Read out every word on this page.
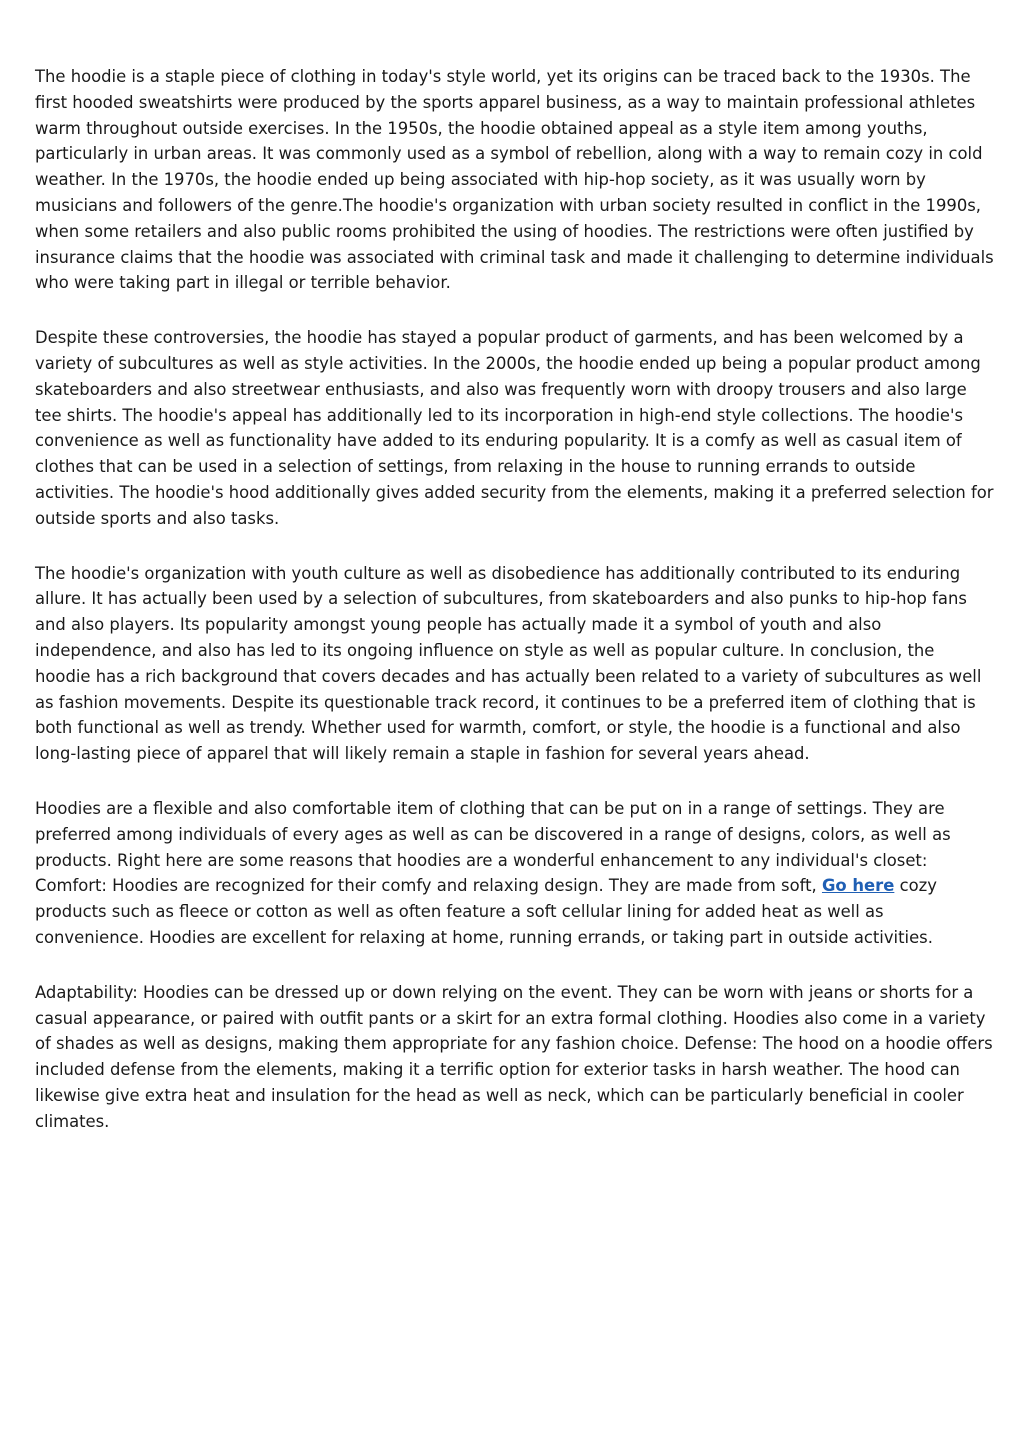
The hoodie is a staple piece of clothing in today's style world, yet its origins can be traced back to the 1930s. The first hooded sweatshirts were produced by the sports apparel business, as a way to maintain professional athletes warm throughout outside exercises. In the 1950s, the hoodie obtained appeal as a style item among youths, particularly in urban areas. It was commonly used as a symbol of rebellion, along with a way to remain cozy in cold weather. In the 1970s, the hoodie ended up being associated with hip-hop society, as it was usually worn by musicians and followers of the genre.The hoodie's organization with urban society resulted in conflict in the 1990s, when some retailers and also public rooms prohibited the using of hoodies. The restrictions were often justified by insurance claims that the hoodie was associated with criminal task and made it challenging to determine individuals who were taking part in illegal or terrible behavior.

Despite these controversies, the hoodie has stayed a popular product of garments, and has been welcomed by a variety of subcultures as well as style activities. In the 2000s, the hoodie ended up being a popular product among skateboarders and also streetwear enthusiasts, and also was frequently worn with droopy trousers and also large tee shirts. The hoodie's appeal has additionally led to its incorporation in high-end style collections. The hoodie's convenience as well as functionality have added to its enduring popularity. It is a comfy as well as casual item of clothes that can be used in a selection of settings, from relaxing in the house to running errands to outside activities. The hoodie's hood additionally gives added security from the elements, making it a preferred selection for outside sports and also tasks.

The hoodie's organization with youth culture as well as disobedience has additionally contributed to its enduring allure. It has actually been used by a selection of subcultures, from skateboarders and also punks to hip-hop fans and also players. Its popularity amongst young people has actually made it a symbol of youth and also independence, and also has led to its ongoing influence on style as well as popular culture. In conclusion, the hoodie has a rich background that covers decades and has actually been related to a variety of subcultures as well as fashion movements. Despite its questionable track record, it continues to be a preferred item of clothing that is both functional as well as trendy. Whether used for warmth, comfort, or style, the hoodie is a functional and also long-lasting piece of apparel that will likely remain a staple in fashion for several years ahead.

Hoodies are a flexible and also comfortable item of clothing that can be put on in a range of settings. They are preferred among individuals of every ages as well as can be discovered in a range of designs, colors, as well as products. Right here are some reasons that hoodies are a wonderful enhancement to any individual's closet: Comfort: Hoodies are recognized for their comfy and relaxing design. They are made from soft, Go here cozy products such as fleece or cotton as well as often feature a soft cellular lining for added heat as well as convenience. Hoodies are excellent for relaxing at home, running errands, or taking part in outside activities.

Adaptability: Hoodies can be dressed up or down relying on the event. They can be worn with jeans or shorts for a casual appearance, or paired with outfit pants or a skirt for an extra formal clothing. Hoodies also come in a variety of shades as well as designs, making them appropriate for any fashion choice. Defense: The hood on a hoodie offers included defense from the elements, making it a terrific option for exterior tasks in harsh weather. The hood can likewise give extra heat and insulation for the head as well as neck, which can be particularly beneficial in cooler climates.
